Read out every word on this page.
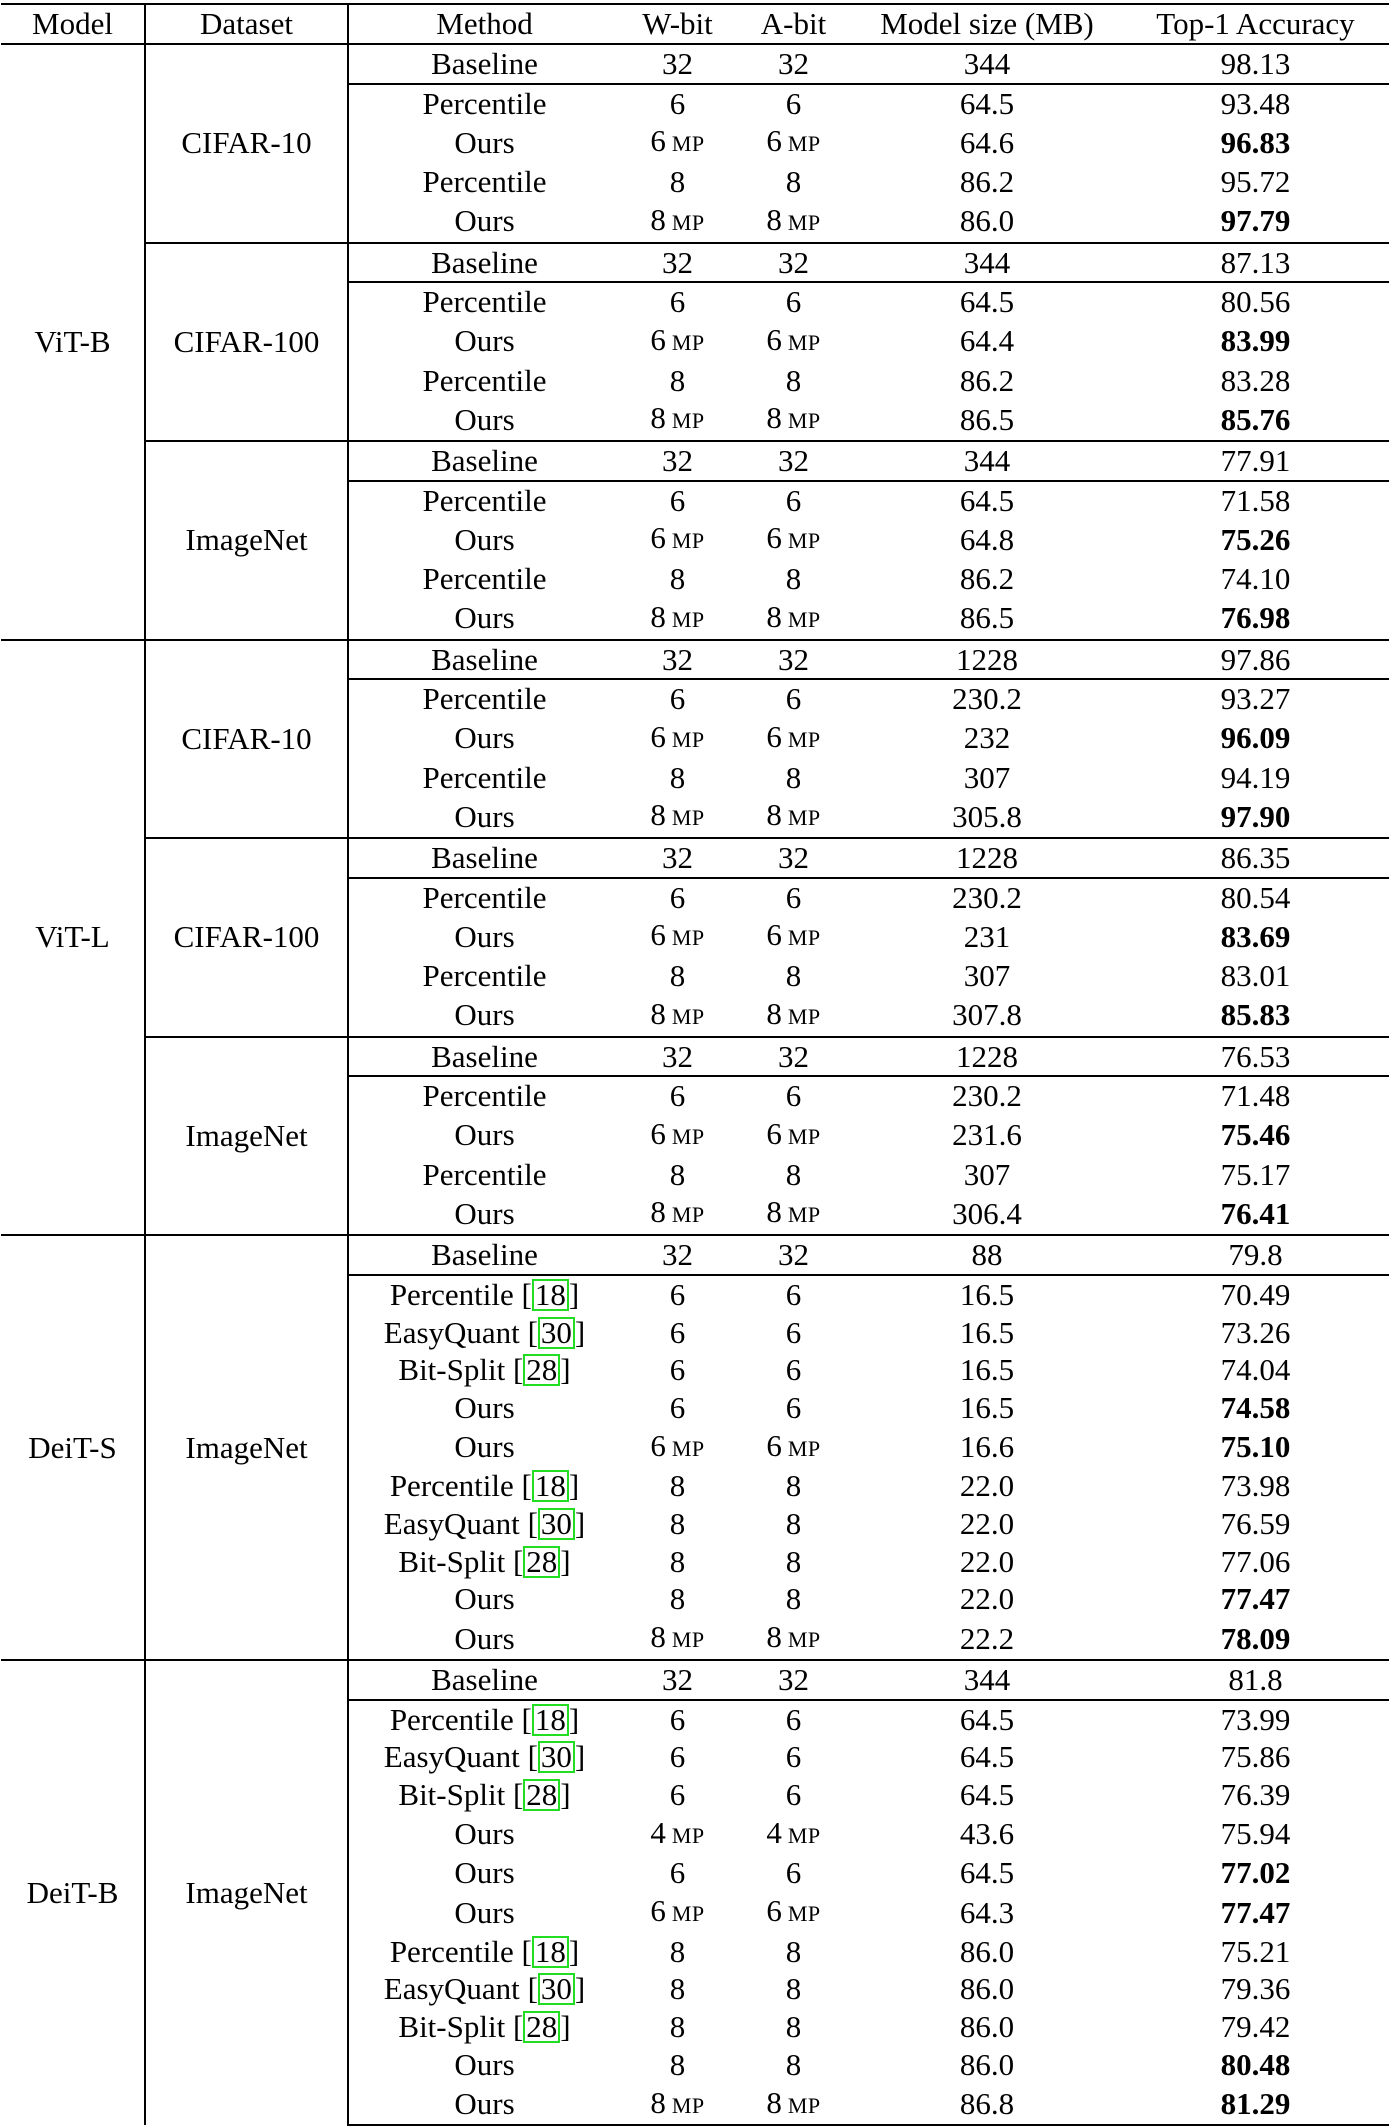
Model	Dataset	Method	W-bit	A-bit	Model size (MB)	Top-1 Accuracy
ViT-B	CIFAR-10	Baseline	32	32	344	98.13
		Percentile	6	6	64.5	93.48
		Ours	6 MP	6 MP	64.6	96.83
		Percentile	8	8	86.2	95.72
		Ours	8 MP	8 MP	86.0	97.79
	CIFAR-100	Baseline	32	32	344	87.13
		Percentile	6	6	64.5	80.56
		Ours	6 MP	6 MP	64.4	83.99
		Percentile	8	8	86.2	83.28
		Ours	8 MP	8 MP	86.5	85.76
	ImageNet	Baseline	32	32	344	77.91
		Percentile	6	6	64.5	71.58
		Ours	6 MP	6 MP	64.8	75.26
		Percentile	8	8	86.2	74.10
		Ours	8 MP	8 MP	86.5	76.98
ViT-L	CIFAR-10	Baseline	32	32	1228	97.86
		Percentile	6	6	230.2	93.27
		Ours	6 MP	6 MP	232	96.09
		Percentile	8	8	307	94.19
		Ours	8 MP	8 MP	305.8	97.90
	CIFAR-100	Baseline	32	32	1228	86.35
		Percentile	6	6	230.2	80.54
		Ours	6 MP	6 MP	231	83.69
		Percentile	8	8	307	83.01
		Ours	8 MP	8 MP	307.8	85.83
	ImageNet	Baseline	32	32	1228	76.53
		Percentile	6	6	230.2	71.48
		Ours	6 MP	6 MP	231.6	75.46
		Percentile	8	8	307	75.17
		Ours	8 MP	8 MP	306.4	76.41
DeiT-S	ImageNet	Baseline	32	32	88	79.8
		Percentile [18]	6	6	16.5	70.49
		EasyQuant [30]	6	6	16.5	73.26
		Bit-Split [28]	6	6	16.5	74.04
		Ours	6	6	16.5	74.58
		Ours	6 MP	6 MP	16.6	75.10
		Percentile [18]	8	8	22.0	73.98
		EasyQuant [30]	8	8	22.0	76.59
		Bit-Split [28]	8	8	22.0	77.06
		Ours	8	8	22.0	77.47
		Ours	8 MP	8 MP	22.2	78.09
DeiT-B	ImageNet	Baseline	32	32	344	81.8
		Percentile [18]	6	6	64.5	73.99
		EasyQuant [30]	6	6	64.5	75.86
		Bit-Split [28]	6	6	64.5	76.39
		Ours	4 MP	4 MP	43.6	75.94
		Ours	6	6	64.5	77.02
		Ours	6 MP	6 MP	64.3	77.47
		Percentile [18]	8	8	86.0	75.21
		EasyQuant [30]	8	8	86.0	79.36
		Bit-Split [28]	8	8	86.0	79.42
		Ours	8	8	86.0	80.48
		Ours	8 MP	8 MP	86.8	81.29
